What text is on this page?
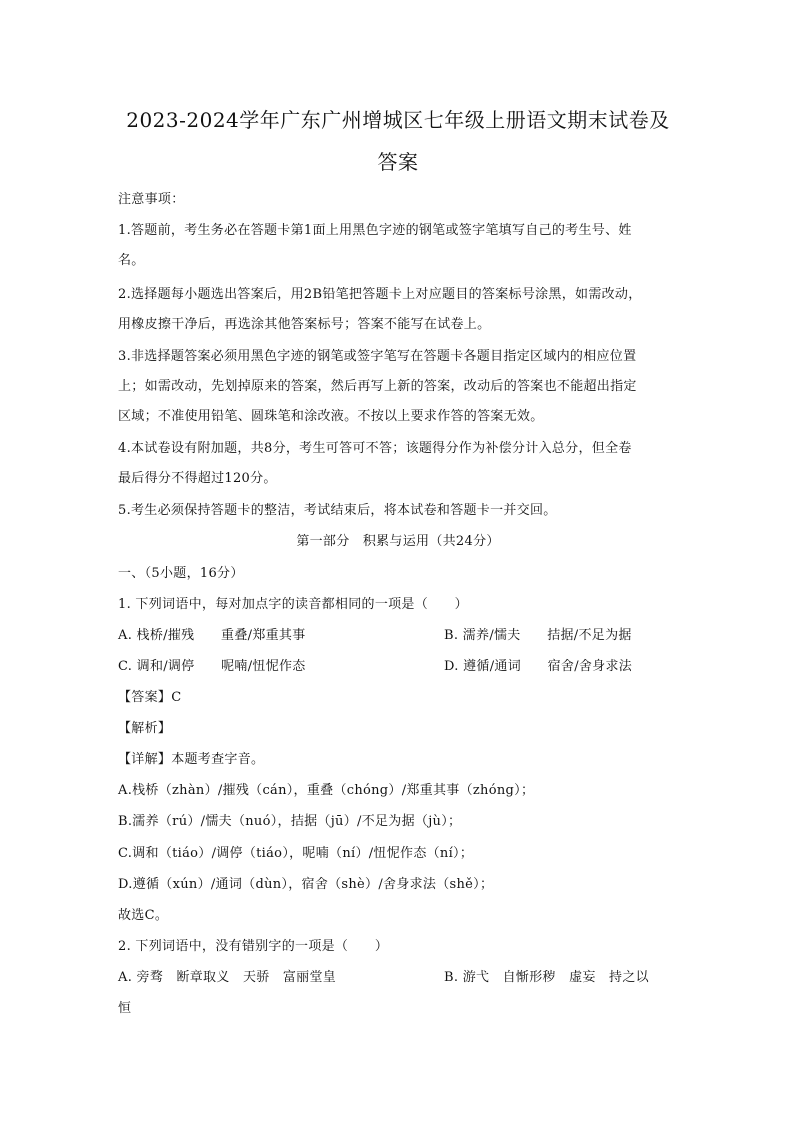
2023-2024学年广东广州增城区七年级上册语文期末试卷及
答案
注意事项：
1.答题前，考生务必在答题卡第1面上用黑色字迹的钢笔或签字笔填写自己的考生号、姓
名。
2.选择题每小题选出答案后，用2B铅笔把答题卡上对应题目的答案标号涂黑，如需改动，
用橡皮擦干净后，再选涂其他答案标号；答案不能写在试卷上。
3.非选择题答案必须用黑色字迹的钢笔或签字笔写在答题卡各题目指定区域内的相应位置
上；如需改动，先划掉原来的答案，然后再写上新的答案，改动后的答案也不能超出指定
区域；不准使用铅笔、圆珠笔和涂改液。不按以上要求作答的答案无效。
4.本试卷设有附加题，共8分，考生可答可不答；该题得分作为补偿分计入总分，但全卷
最后得分不得超过120分。
5.考生必须保持答题卡的整洁，考试结束后，将本试卷和答题卡一并交回。
第一部分　积累与运用（共24分）
一、（5小题，16分）
1. 下列词语中，每对加点字的读音都相同的一项是（　　）
A. 栈桥/摧残　　重叠/郑重其事	B. 濡养/懦夫　　拮据/不足为据
C. 调和/调停　　呢喃/忸怩作态	D. 遵循/通词　　宿舍/舍身求法
【答案】C
【解析】
【详解】本题考查字音。
A.栈桥（zhàn）/摧残（cán），重叠（chóng）/郑重其事（zhóng）；
B.濡养（rú）/懦夫（nuó），拮据（jū）/不足为据（jù）；
C.调和（tiáo）/调停（tiáo），呢喃（ní）/忸怩作态（ní）；
D.遵循（xún）/通词（dùn），宿舍（shè）/舍身求法（shě）；
故选C。
2. 下列词语中，没有错别字的一项是（　　）
A. 旁骛　断章取义　天骄　富丽堂皇	B. 游弋　自惭形秽　虚妄　持之以
恒
